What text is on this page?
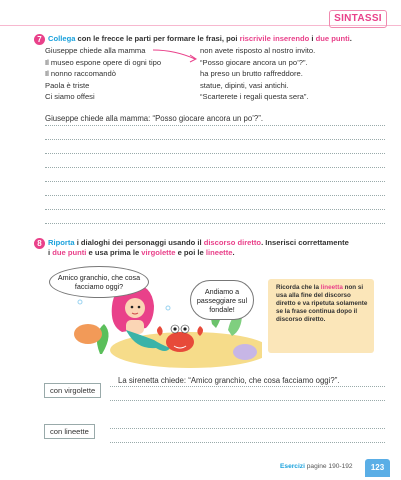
SINTASSI
7 Collega con le frecce le parti per formare le frasi, poi riscrivile inserendo i due punti.
Giuseppe chiede alla mamma
Il museo espone opere di ogni tipo
Il nonno raccomandò
Paola è triste
Ci siamo offesi
non avete risposto al nostro invito.
“Posso giocare ancora un po’?”.
ha preso un brutto raffreddore.
statue, dipinti, vasi antichi.
“Scarterete i regali questa sera”.
Giuseppe chiede alla mamma: “Posso giocare ancora un po’?”.
8 Riporta i dialoghi dei personaggi usando il discorso diretto. Inserisci correttamente
i due punti e usa prima le virgolette e poi le lineette.
Amico granchio, che cosa facciamo oggi?	Andiamo a passeggiare sul fondale!
Ricorda che la lineetta non si usa alla fine del discorso diretto e va ripetuta solamente se la frase continua dopo il discorso diretto.
La sirenetta chiede: “Amico granchio, che cosa facciamo oggi?”.
con virgolette
con lineette
Esercizi pagine 190-192	123
